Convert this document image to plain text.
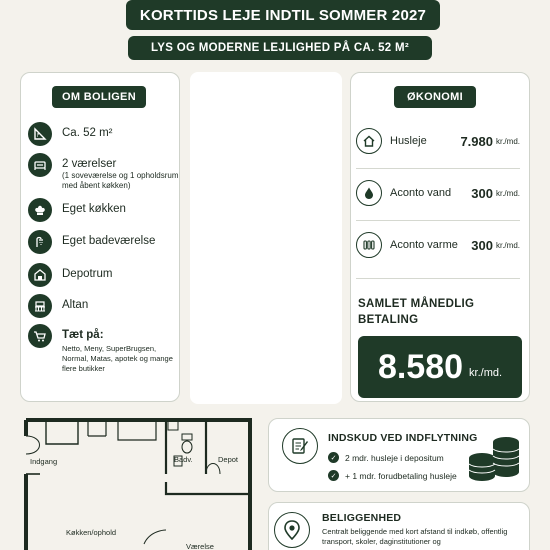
KORTTIDS LEJE INDTIL SOMMER 2027
LYS OG MODERNE LEJLIGHED PÅ CA. 52 M²
OM BOLIGEN
Ca. 52 m²
2 værelser
(1 soveværelse og 1 opholdsrum med åbent køkken)
Eget køkken
Eget badeværelse
Depotrum
Altan
Tæt på:
Netto, Meny, SuperBrugsen, Normal, Matas, apotek og mange flere butikker
Lejligheden er fuldt møbleret og klar til indflytning.
Perfekt til en enlig, et par eller en person med midlertidigt arbejde eller studie.
ØKONOMI
Husleje	7.980 kr./md.
Aconto vand	300 kr./md.
Aconto varme	300 kr./md.
SAMLET MÅNEDLIG BETALING
8.580 kr./md.
Indgang	Badv.	Depot
Køkken/ophold
Værelse
INDSKUD VED INDFLYTNING
✓	2 mdr. husleje i depositum
✓	+ 1 mdr. forudbetaling husleje
BELIGGENHED
Centralt beliggende med kort afstand til indkøb, offentlig transport, skoler, daginstitutioner og
